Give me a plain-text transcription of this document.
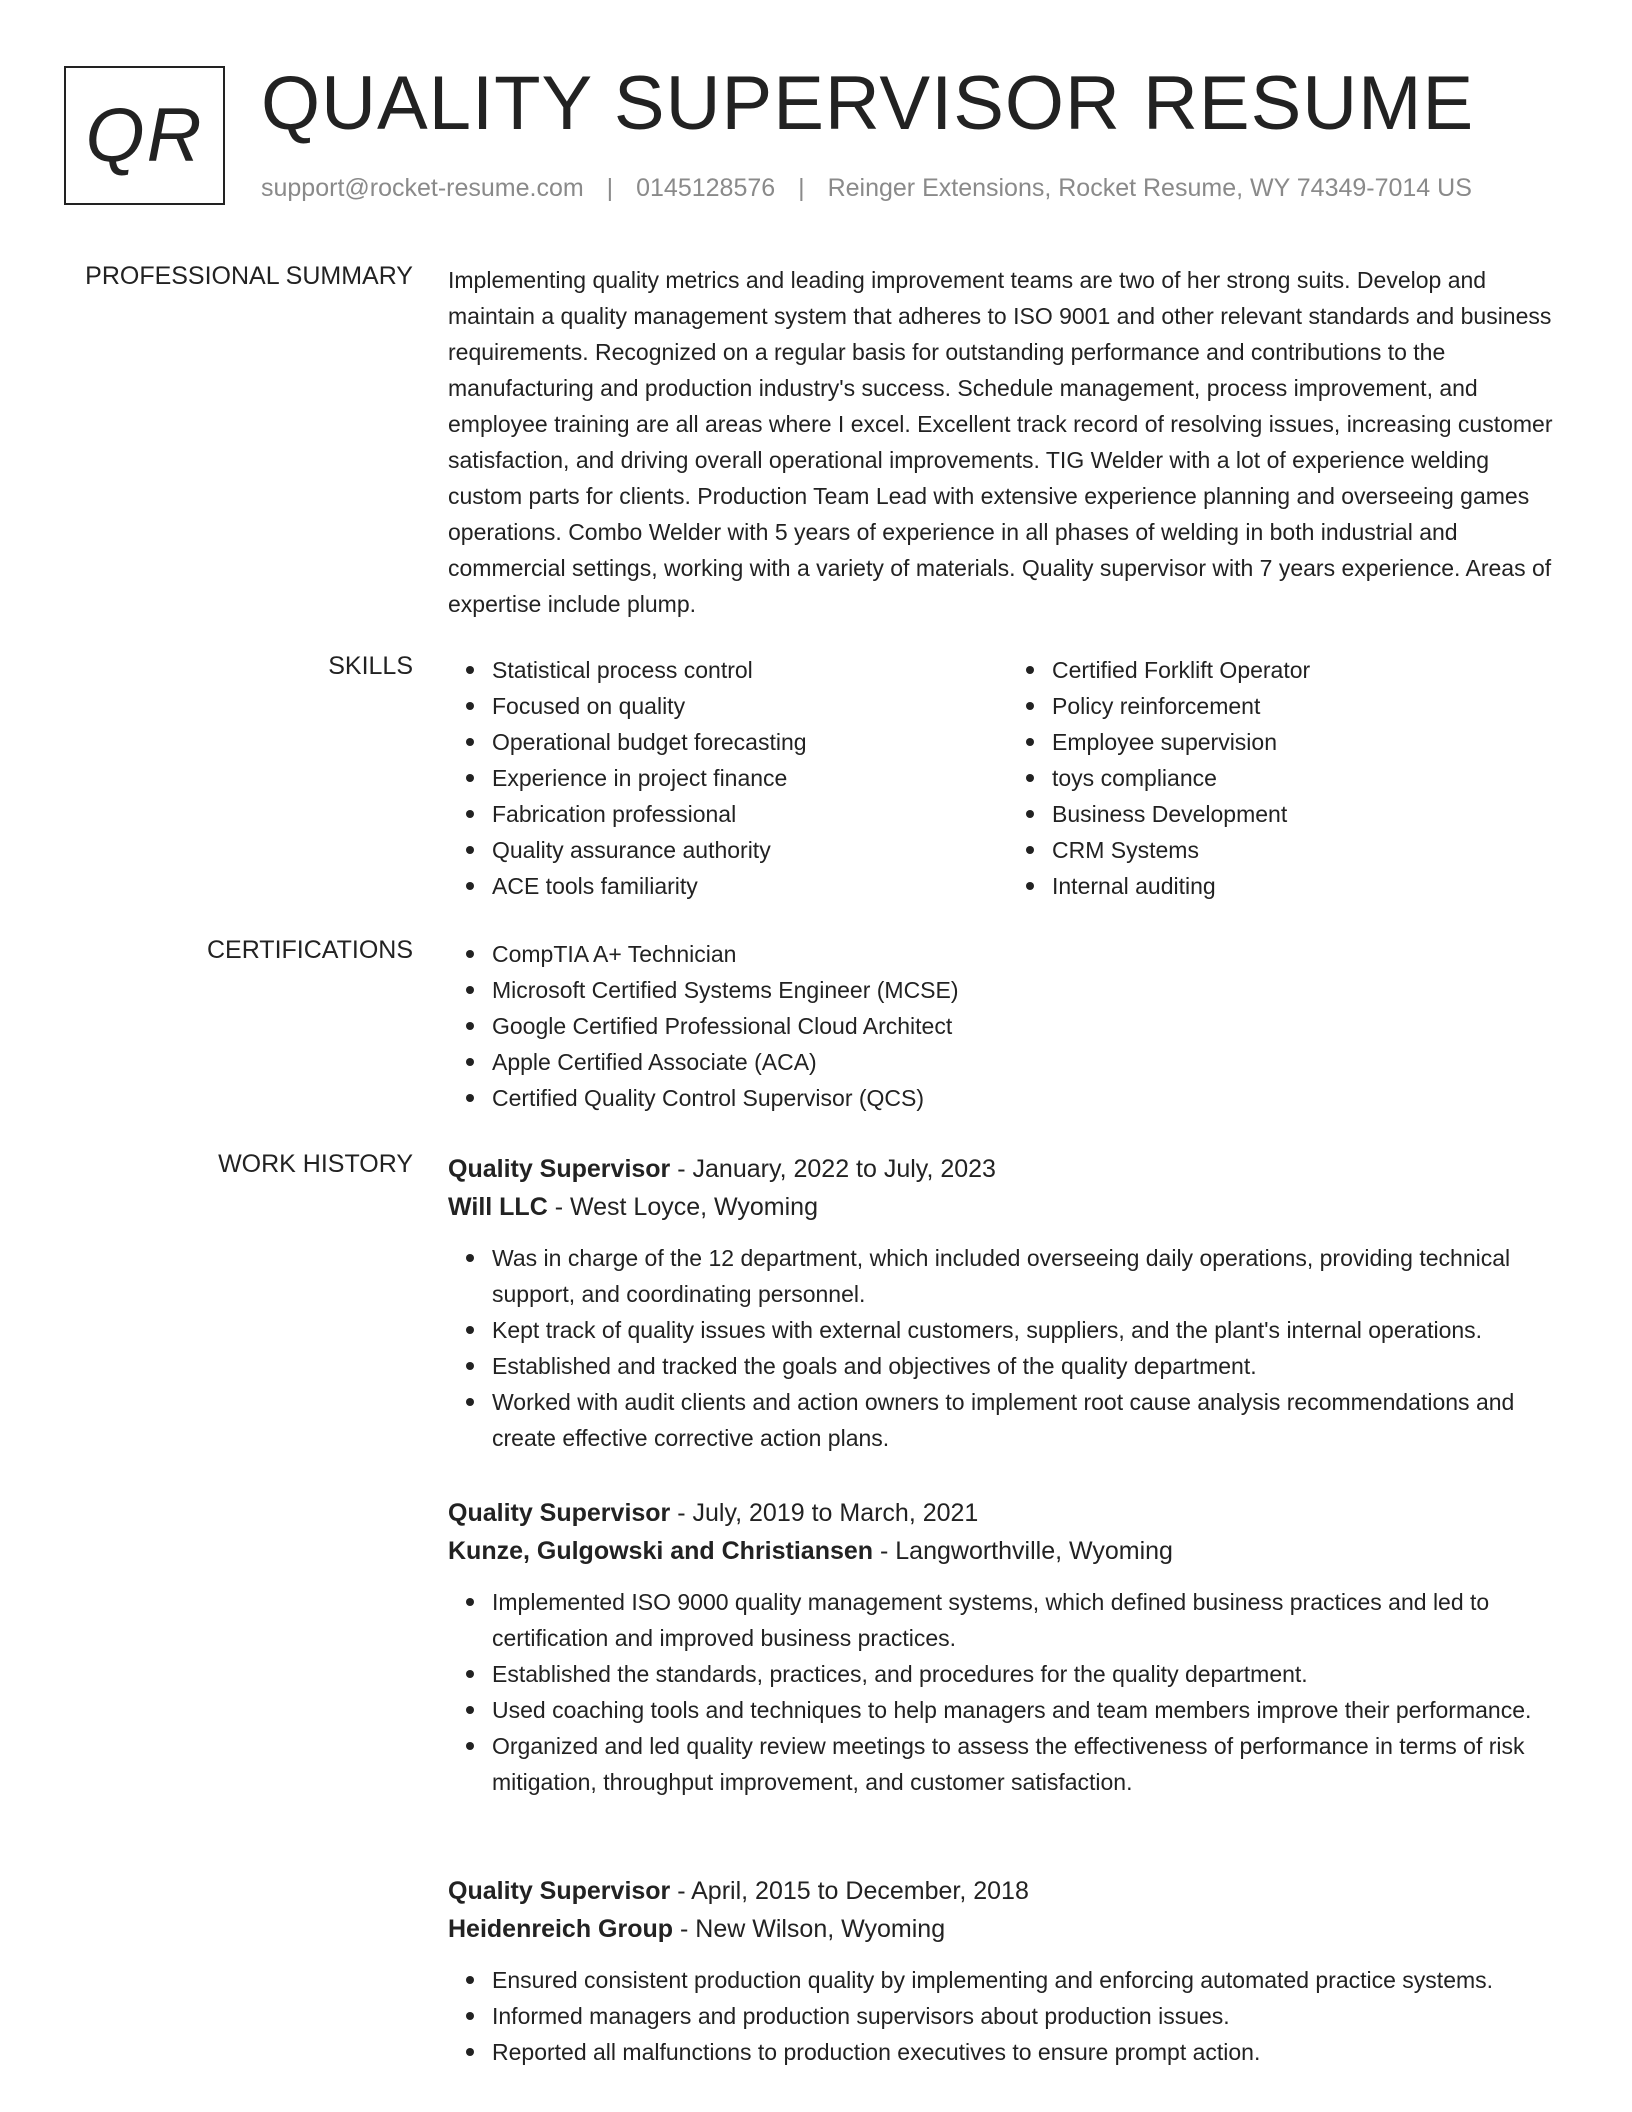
QR QUALITY SUPERVISOR RESUME
support@rocket-resume.com | 0145128576 | Reinger Extensions, Rocket Resume, WY 74349-7014 US
PROFESSIONAL SUMMARY Implementing quality metrics and leading improvement teams are two of her strong suits. Develop and maintain a quality management system that adheres to ISO 9001 and other relevant standards and business requirements. Recognized on a regular basis for outstanding performance and contributions to the manufacturing and production industry's success. Schedule management, process improvement, and employee training are all areas where I excel. Excellent track record of resolving issues, increasing customer satisfaction, and driving overall operational improvements. TIG Welder with a lot of experience welding custom parts for clients. Production Team Lead with extensive experience planning and overseeing games operations. Combo Welder with 5 years of experience in all phases of welding in both industrial and commercial settings, working with a variety of materials. Quality supervisor with 7 years experience. Areas of expertise include plump.

SKILLS	Statistical process control
Focused on quality
Operational budget forecasting
Experience in project finance
Fabrication professional
Quality assurance authority
ACE tools familiarity
Certified Forklift Operator
Policy reinforcement
Employee supervision
toys compliance
Business Development
CRM Systems
Internal auditing
CERTIFICATIONS	CompTIA A+ Technician
Microsoft Certified Systems Engineer (MCSE)
Google Certified Professional Cloud Architect
Apple Certified Associate (ACA)
Certified Quality Control Supervisor (QCS)
WORK HISTORY Quality Supervisor - January, 2022 to July, 2023
Will LLC - West Loyce, Wyoming
Was in charge of the 12 department, which included overseeing daily operations, providing technical support, and coordinating personnel.
Kept track of quality issues with external customers, suppliers, and the plant's internal operations.
Established and tracked the goals and objectives of the quality department.
Worked with audit clients and action owners to implement root cause analysis recommendations and create effective corrective action plans.
Quality Supervisor - July, 2019 to March, 2021
Kunze, Gulgowski and Christiansen - Langworthville, Wyoming
Implemented ISO 9000 quality management systems, which defined business practices and led to certification and improved business practices.
Established the standards, practices, and procedures for the quality department.
Used coaching tools and techniques to help managers and team members improve their performance.
Organized and led quality review meetings to assess the effectiveness of performance in terms of risk mitigation, throughput improvement, and customer satisfaction.
Quality Supervisor - April, 2015 to December, 2018
Heidenreich Group - New Wilson, Wyoming
Ensured consistent production quality by implementing and enforcing automated practice systems.
Informed managers and production supervisors about production issues.
Reported all malfunctions to production executives to ensure prompt action.
